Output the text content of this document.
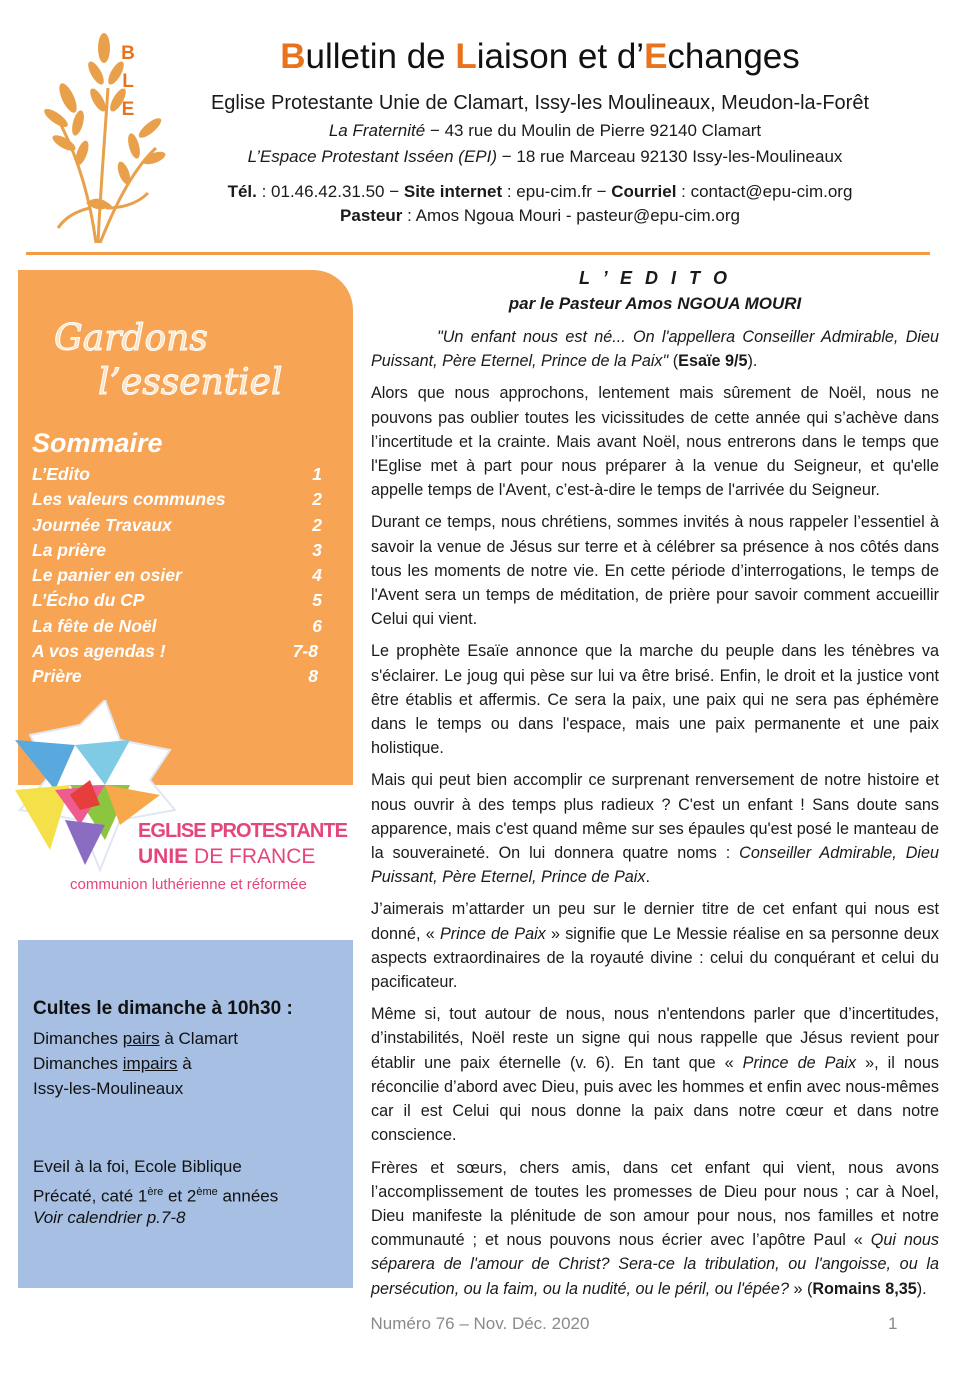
B
L
E
Bulletin de Liaison et d’Echanges
Eglise Protestante Unie de Clamart, Issy-les Moulineaux, Meudon-la-Forêt
La Fraternité − 43 rue du Moulin de Pierre 92140 Clamart
L’Espace Protestant Isséen (EPI) − 18 rue Marceau 92130 Issy-les-Moulineaux
Tél. : 01.46.42.31.50 − Site internet : epu-cim.fr − Courriel : contact@epu-cim.org
Pasteur : Amos Ngoua Mouri - pasteur@epu-cim.org
Gardons
l’essentiel
Sommaire
L’Edito	1
Les valeurs communes	2
Journée Travaux	2
La prière	3
Le panier en osier	4
L’Écho du CP	5
La fête de Noël	6
A vos agendas !	7-8
Prière	8
EGLISE PROTESTANTE
UNIE DE FRANCE
communion luthérienne et réformée
Cultes le dimanche à 10h30 :
Dimanches pairs à Clamart
Dimanches impairs à
Issy-les-Moulineaux
Eveil à la foi, Ecole Biblique
Précaté, caté 1ère et 2ème années
Voir calendrier p.7-8
L ’ E D I T O
par le Pasteur Amos NGOUA MOURI

"Un enfant nous est né... On l'appellera Conseiller Admirable, Dieu Puissant, Père Eternel, Prince de la Paix" (Esaïe 9/5).

Alors que nous approchons, lentement mais sûrement de Noël, nous ne pouvons pas oublier toutes les vicissitudes de cette année qui s’achève dans l’incertitude et la crainte. Mais avant Noël, nous entrerons dans le temps que l'Eglise met à part pour nous préparer à la venue du Seigneur, et qu'elle appelle temps de l'Avent, c’est-à-dire le temps de l'arrivée du Seigneur.

Durant ce temps, nous chrétiens, sommes invités à nous rappeler l’essentiel à savoir la venue de Jésus sur terre et à célébrer sa présence à nos côtés dans tous les moments de notre vie. En cette période d’interrogations, le temps de l'Avent sera un temps de méditation, de prière pour savoir comment accueillir Celui qui vient.

Le prophète Esaïe annonce que la marche du peuple dans les ténèbres va s'éclairer. Le joug qui pèse sur lui va être brisé. Enfin, le droit et la justice vont être établis et affermis. Ce sera la paix, une paix qui ne sera pas éphémère dans le temps ou dans l'espace, mais une paix permanente et une paix holistique.

Mais qui peut bien accomplir ce surprenant renversement de notre histoire et nous ouvrir à des temps plus radieux ? C'est un enfant ! Sans doute sans apparence, mais c'est quand même sur ses épaules qu'est posé le manteau de la souveraineté. On lui donnera quatre noms : Conseiller Admirable, Dieu Puissant, Père Eternel, Prince de Paix.

J’aimerais m’attarder un peu sur le dernier titre de cet enfant qui nous est donné, « Prince de Paix » signifie que Le Messie réalise en sa personne deux aspects extraordinaires de la royauté divine : celui du conquérant et celui du pacificateur.

Même si, tout autour de nous, nous n'entendons parler que d’incertitudes, d’instabilités, Noël reste un signe qui nous rappelle que Jésus revient pour établir une paix éternelle (v. 6). En tant que « Prince de Paix », il nous réconcilie d’abord avec Dieu, puis avec les hommes et enfin avec nous-mêmes car il est Celui qui nous donne la paix dans notre cœur et dans notre conscience.

Frères et sœurs, chers amis, dans cet enfant qui vient, nous avons l’accomplissement de toutes les promesses de Dieu pour nous ; car à Noel, Dieu manifeste la plénitude de son amour pour nous, nos familles et notre communauté ; et nous pouvons nous écrier avec l’apôtre Paul « Qui nous séparera de l'amour de Christ? Sera-ce la tribulation, ou l'angoisse, ou la persécution, ou la faim, ou la nudité, ou le péril, ou l'épée? » (Romains 8,35).

Numéro 76 – Nov. Déc. 2020	1
